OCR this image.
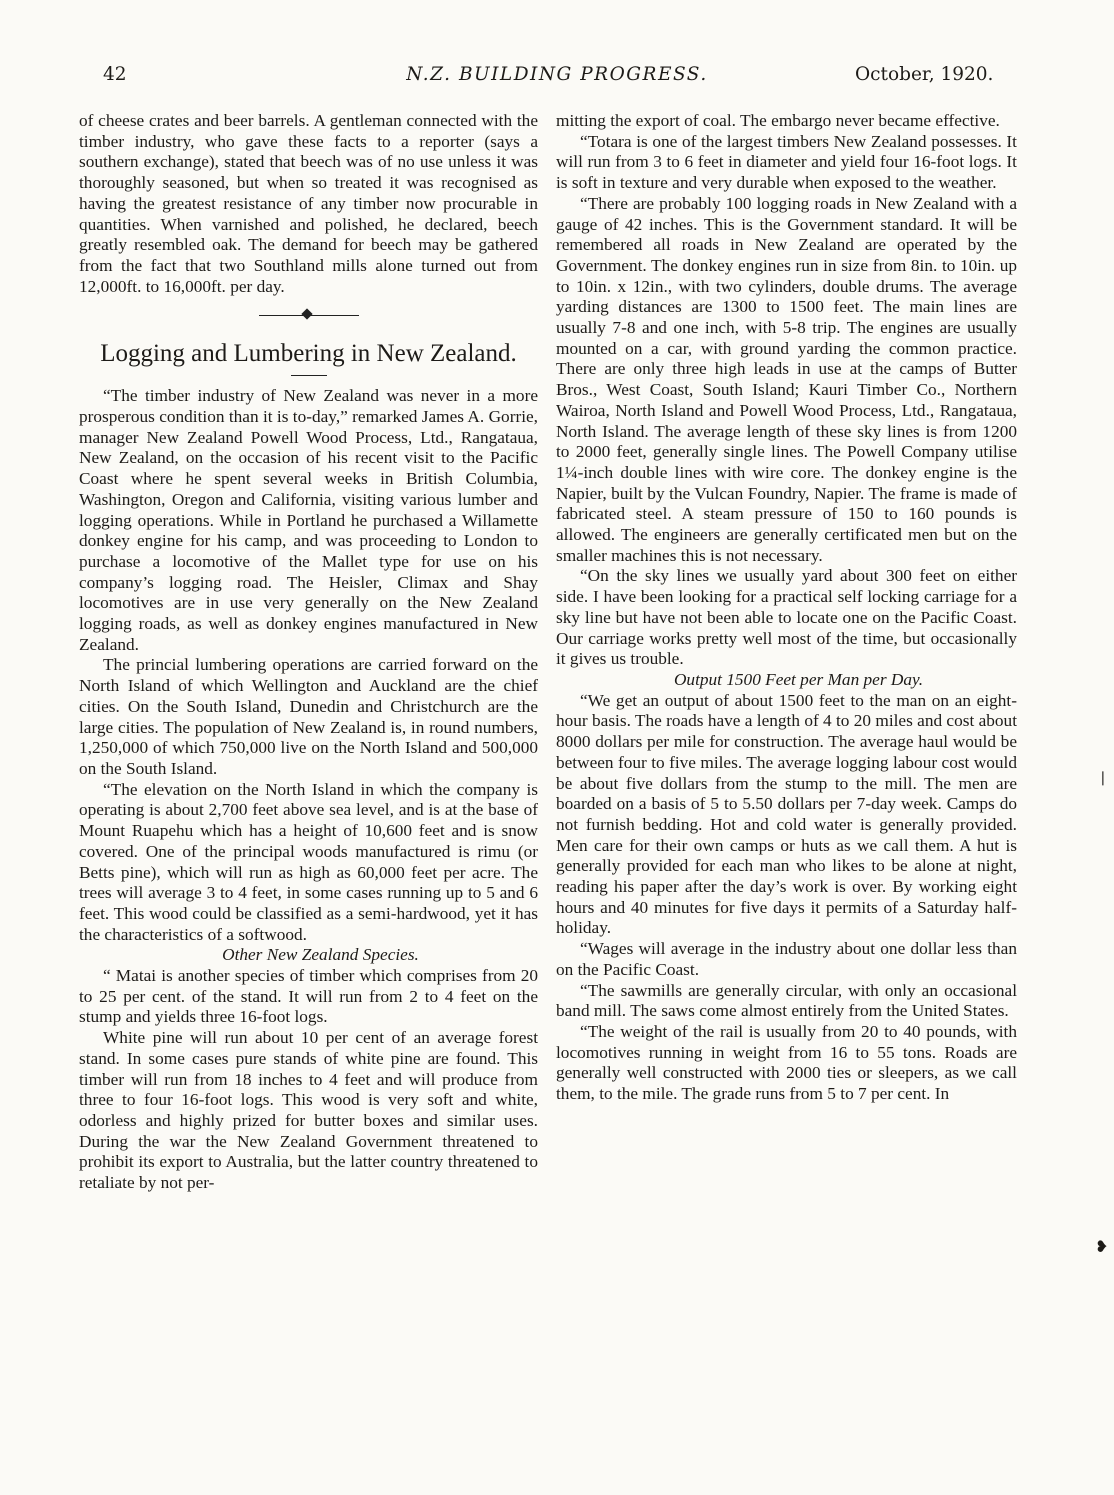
42	N.Z. BUILDING PROGRESS.	October, 1920.

of cheese crates and beer barrels. A gentleman connected with the timber industry, who gave these facts to a reporter (says a southern exchange), stated that beech was of no use unless it was thoroughly seasoned, but when so treated it was recognised as having the greatest resistance of any timber now procurable in quantities. When varnished and polished, he declared, beech greatly resembled oak. The demand for beech may be gathered from the fact that two Southland mills alone turned out from 12,000ft. to 16,000ft. per day.

Logging and Lumbering in New Zealand.

“The timber industry of New Zealand was never in a more prosperous condition than it is to-day,” remarked James A. Gorrie, manager New Zealand Powell Wood Process, Ltd., Rangataua, New Zealand, on the occasion of his recent visit to the Pacific Coast where he spent several weeks in British Columbia, Washington, Oregon and California, visiting various lumber and logging operations. While in Portland he purchased a Willamette donkey engine for his camp, and was proceeding to London to purchase a locomotive of the Mallet type for use on his company’s logging road. The Heisler, Climax and Shay locomotives are in use very generally on the New Zealand logging roads, as well as donkey engines manufactured in New Zealand.

The princial lumbering operations are carried forward on the North Island of which Wellington and Auckland are the chief cities. On the South Island, Dunedin and Christchurch are the large cities. The population of New Zealand is, in round numbers, 1,250,000 of which 750,000 live on the North Island and 500,000 on the South Island.

“The elevation on the North Island in which the company is operating is about 2,700 feet above sea level, and is at the base of Mount Ruapehu which has a height of 10,600 feet and is snow covered. One of the principal woods manufactured is rimu (or Betts pine), which will run as high as 60,000 feet per acre. The trees will average 3 to 4 feet, in some cases running up to 5 and 6 feet. This wood could be classified as a semi-hardwood, yet it has the characteristics of a softwood.

Other New Zealand Species.

“ Matai is another species of timber which comprises from 20 to 25 per cent. of the stand. It will run from 2 to 4 feet on the stump and yields three 16-foot logs.

White pine will run about 10 per cent of an average forest stand. In some cases pure stands of white pine are found. This timber will run from 18 inches to 4 feet and will produce from three to four 16-foot logs. This wood is very soft and white, odorless and highly prized for butter boxes and similar uses. During the war the New Zealand Government threatened to prohibit its export to Australia, but the latter country threatened to retaliate by not per-

mitting the export of coal. The embargo never became effective.

“Totara is one of the largest timbers New Zealand possesses. It will run from 3 to 6 feet in diameter and yield four 16-foot logs. It is soft in texture and very durable when exposed to the weather.

“There are probably 100 logging roads in New Zealand with a gauge of 42 inches. This is the Government standard. It will be remembered all roads in New Zealand are operated by the Government. The donkey engines run in size from 8in. to 10in. up to 10in. x 12in., with two cylinders, double drums. The average yarding distances are 1300 to 1500 feet. The main lines are usually 7-8 and one inch, with 5-8 trip. The engines are usually mounted on a car, with ground yarding the common practice. There are only three high leads in use at the camps of Butter Bros., West Coast, South Island; Kauri Timber Co., Northern Wairoa, North Island and Powell Wood Process, Ltd., Rangataua, North Island. The average length of these sky lines is from 1200 to 2000 feet, generally single lines. The Powell Company utilise 1¼-inch double lines with wire core. The donkey engine is the Napier, built by the Vulcan Foundry, Napier. The frame is made of fabricated steel. A steam pressure of 150 to 160 pounds is allowed. The engineers are generally certificated men but on the smaller machines this is not necessary.

“On the sky lines we usually yard about 300 feet on either side. I have been looking for a practical self locking carriage for a sky line but have not been able to locate one on the Pacific Coast. Our carriage works pretty well most of the time, but occasionally it gives us trouble.

Output 1500 Feet per Man per Day.

“We get an output of about 1500 feet to the man on an eight-hour basis. The roads have a length of 4 to 20 miles and cost about 8000 dollars per mile for construction. The average haul would be between four to five miles. The average logging labour cost would be about five dollars from the stump to the mill. The men are boarded on a basis of 5 to 5.50 dollars per 7-day week. Camps do not furnish bedding. Hot and cold water is generally provided. Men care for their own camps or huts as we call them. A hut is generally provided for each man who likes to be alone at night, reading his paper after the day’s work is over. By working eight hours and 40 minutes for five days it permits of a Saturday half-holiday.

“Wages will average in the industry about one dollar less than on the Pacific Coast.

“The sawmills are generally circular, with only an occasional band mill. The saws come almost entirely from the United States.

“The weight of the rail is usually from 20 to 40 pounds, with locomotives running in weight from 16 to 55 tons. Roads are generally well constructed with 2000 ties or sleepers, as we call them, to the mile. The grade runs from 5 to 7 per cent. In

❘
❥
